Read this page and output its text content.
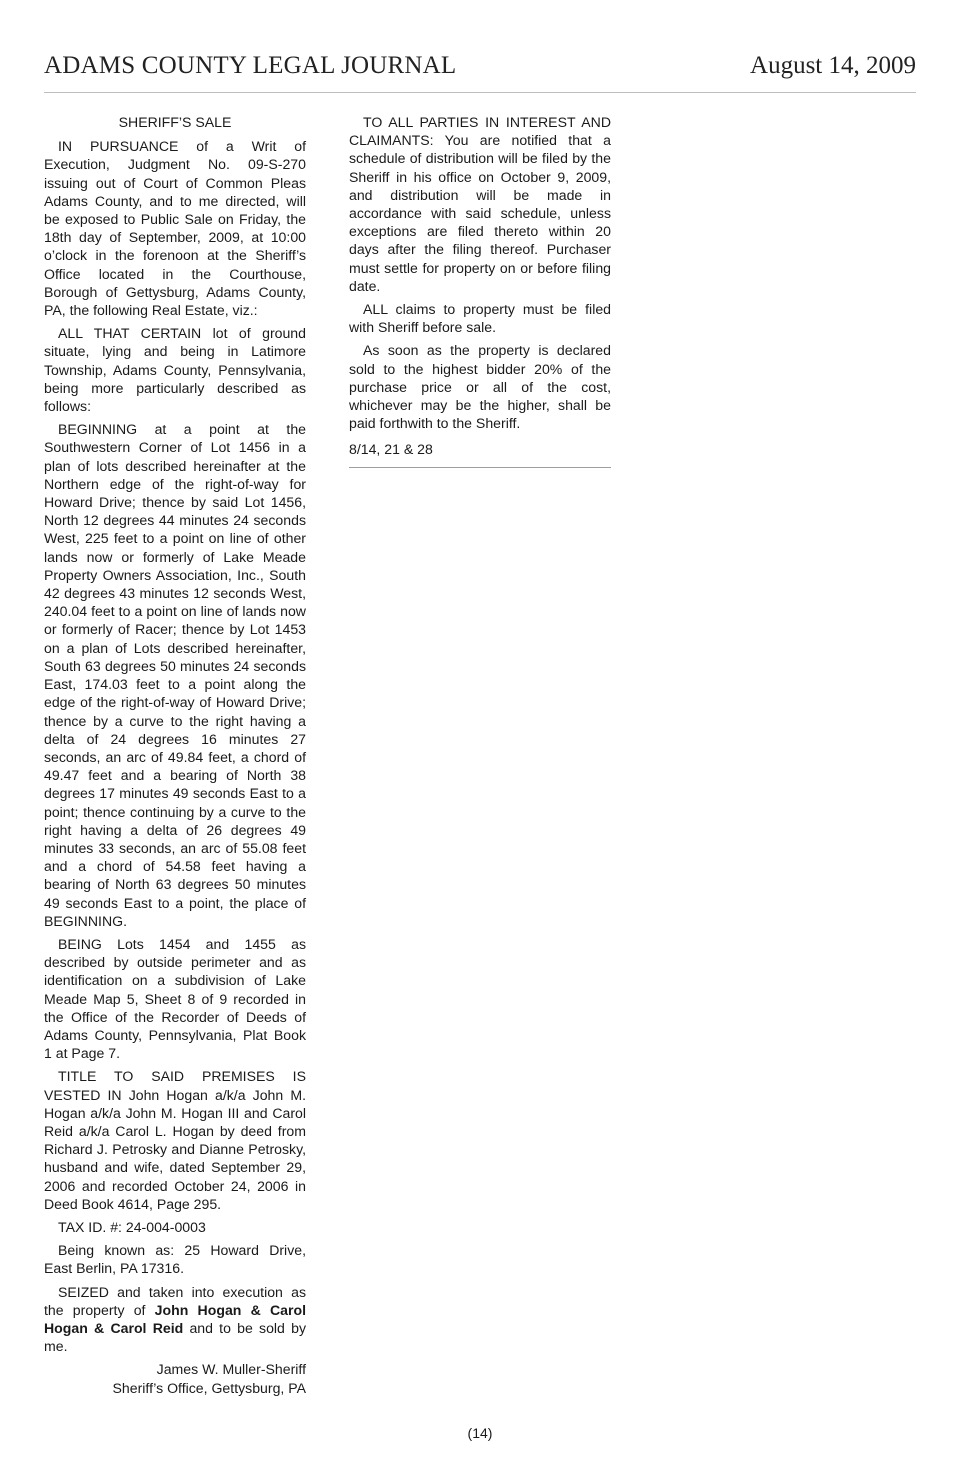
ADAMS COUNTY LEGAL JOURNAL	August 14, 2009
SHERIFF’S SALE

IN PURSUANCE of a Writ of Execution, Judgment No. 09-S-270 issuing out of Court of Common Pleas Adams County, and to me directed, will be exposed to Public Sale on Friday, the 18th day of September, 2009, at 10:00 o’clock in the forenoon at the Sheriff’s Office located in the Courthouse, Borough of Gettysburg, Adams County, PA, the following Real Estate, viz.:

ALL THAT CERTAIN lot of ground situate, lying and being in Latimore Township, Adams County, Pennsylvania, being more particularly described as follows:

BEGINNING at a point at the Southwestern Corner of Lot 1456 in a plan of lots described hereinafter at the Northern edge of the right-of-way for Howard Drive; thence by said Lot 1456, North 12 degrees 44 minutes 24 seconds West, 225 feet to a point on line of other lands now or formerly of Lake Meade Property Owners Association, Inc., South 42 degrees 43 minutes 12 seconds West, 240.04 feet to a point on line of lands now or formerly of Racer; thence by Lot 1453 on a plan of Lots described hereinafter, South 63 degrees 50 minutes 24 seconds East, 174.03 feet to a point along the edge of the right-of-way of Howard Drive; thence by a curve to the right having a delta of 24 degrees 16 minutes 27 seconds, an arc of 49.84 feet, a chord of 49.47 feet and a bearing of North 38 degrees 17 minutes 49 seconds East to a point; thence continuing by a curve to the right having a delta of 26 degrees 49 minutes 33 seconds, an arc of 55.08 feet and a chord of 54.58 feet having a bearing of North 63 degrees 50 minutes 49 seconds East to a point, the place of BEGINNING.

BEING Lots 1454 and 1455 as described by outside perimeter and as identification on a subdivision of Lake Meade Map 5, Sheet 8 of 9 recorded in the Office of the Recorder of Deeds of Adams County, Pennsylvania, Plat Book 1 at Page 7.

TITLE TO SAID PREMISES IS VESTED IN John Hogan a/k/a John M. Hogan a/k/a John M. Hogan III and Carol Reid a/k/a Carol L. Hogan by deed from Richard J. Petrosky and Dianne Petrosky, husband and wife, dated September 29, 2006 and recorded October 24, 2006 in Deed Book 4614, Page 295.

TAX ID. #: 24-004-0003

Being known as: 25 Howard Drive, East Berlin, PA 17316.

SEIZED and taken into execution as the property of John Hogan & Carol Hogan & Carol Reid and to be sold by me.

James W. Muller-Sheriff
Sheriff’s Office, Gettysburg, PA

TO ALL PARTIES IN INTEREST AND CLAIMANTS: You are notified that a schedule of distribution will be filed by the Sheriff in his office on October 9, 2009, and distribution will be made in accordance with said schedule, unless exceptions are filed thereto within 20 days after the filing thereof. Purchaser must settle for property on or before filing date.

ALL claims to property must be filed with Sheriff before sale.

As soon as the property is declared sold to the highest bidder 20% of the purchase price or all of the cost, whichever may be the higher, shall be paid forthwith to the Sheriff.

8/14, 21 & 28

(14)
